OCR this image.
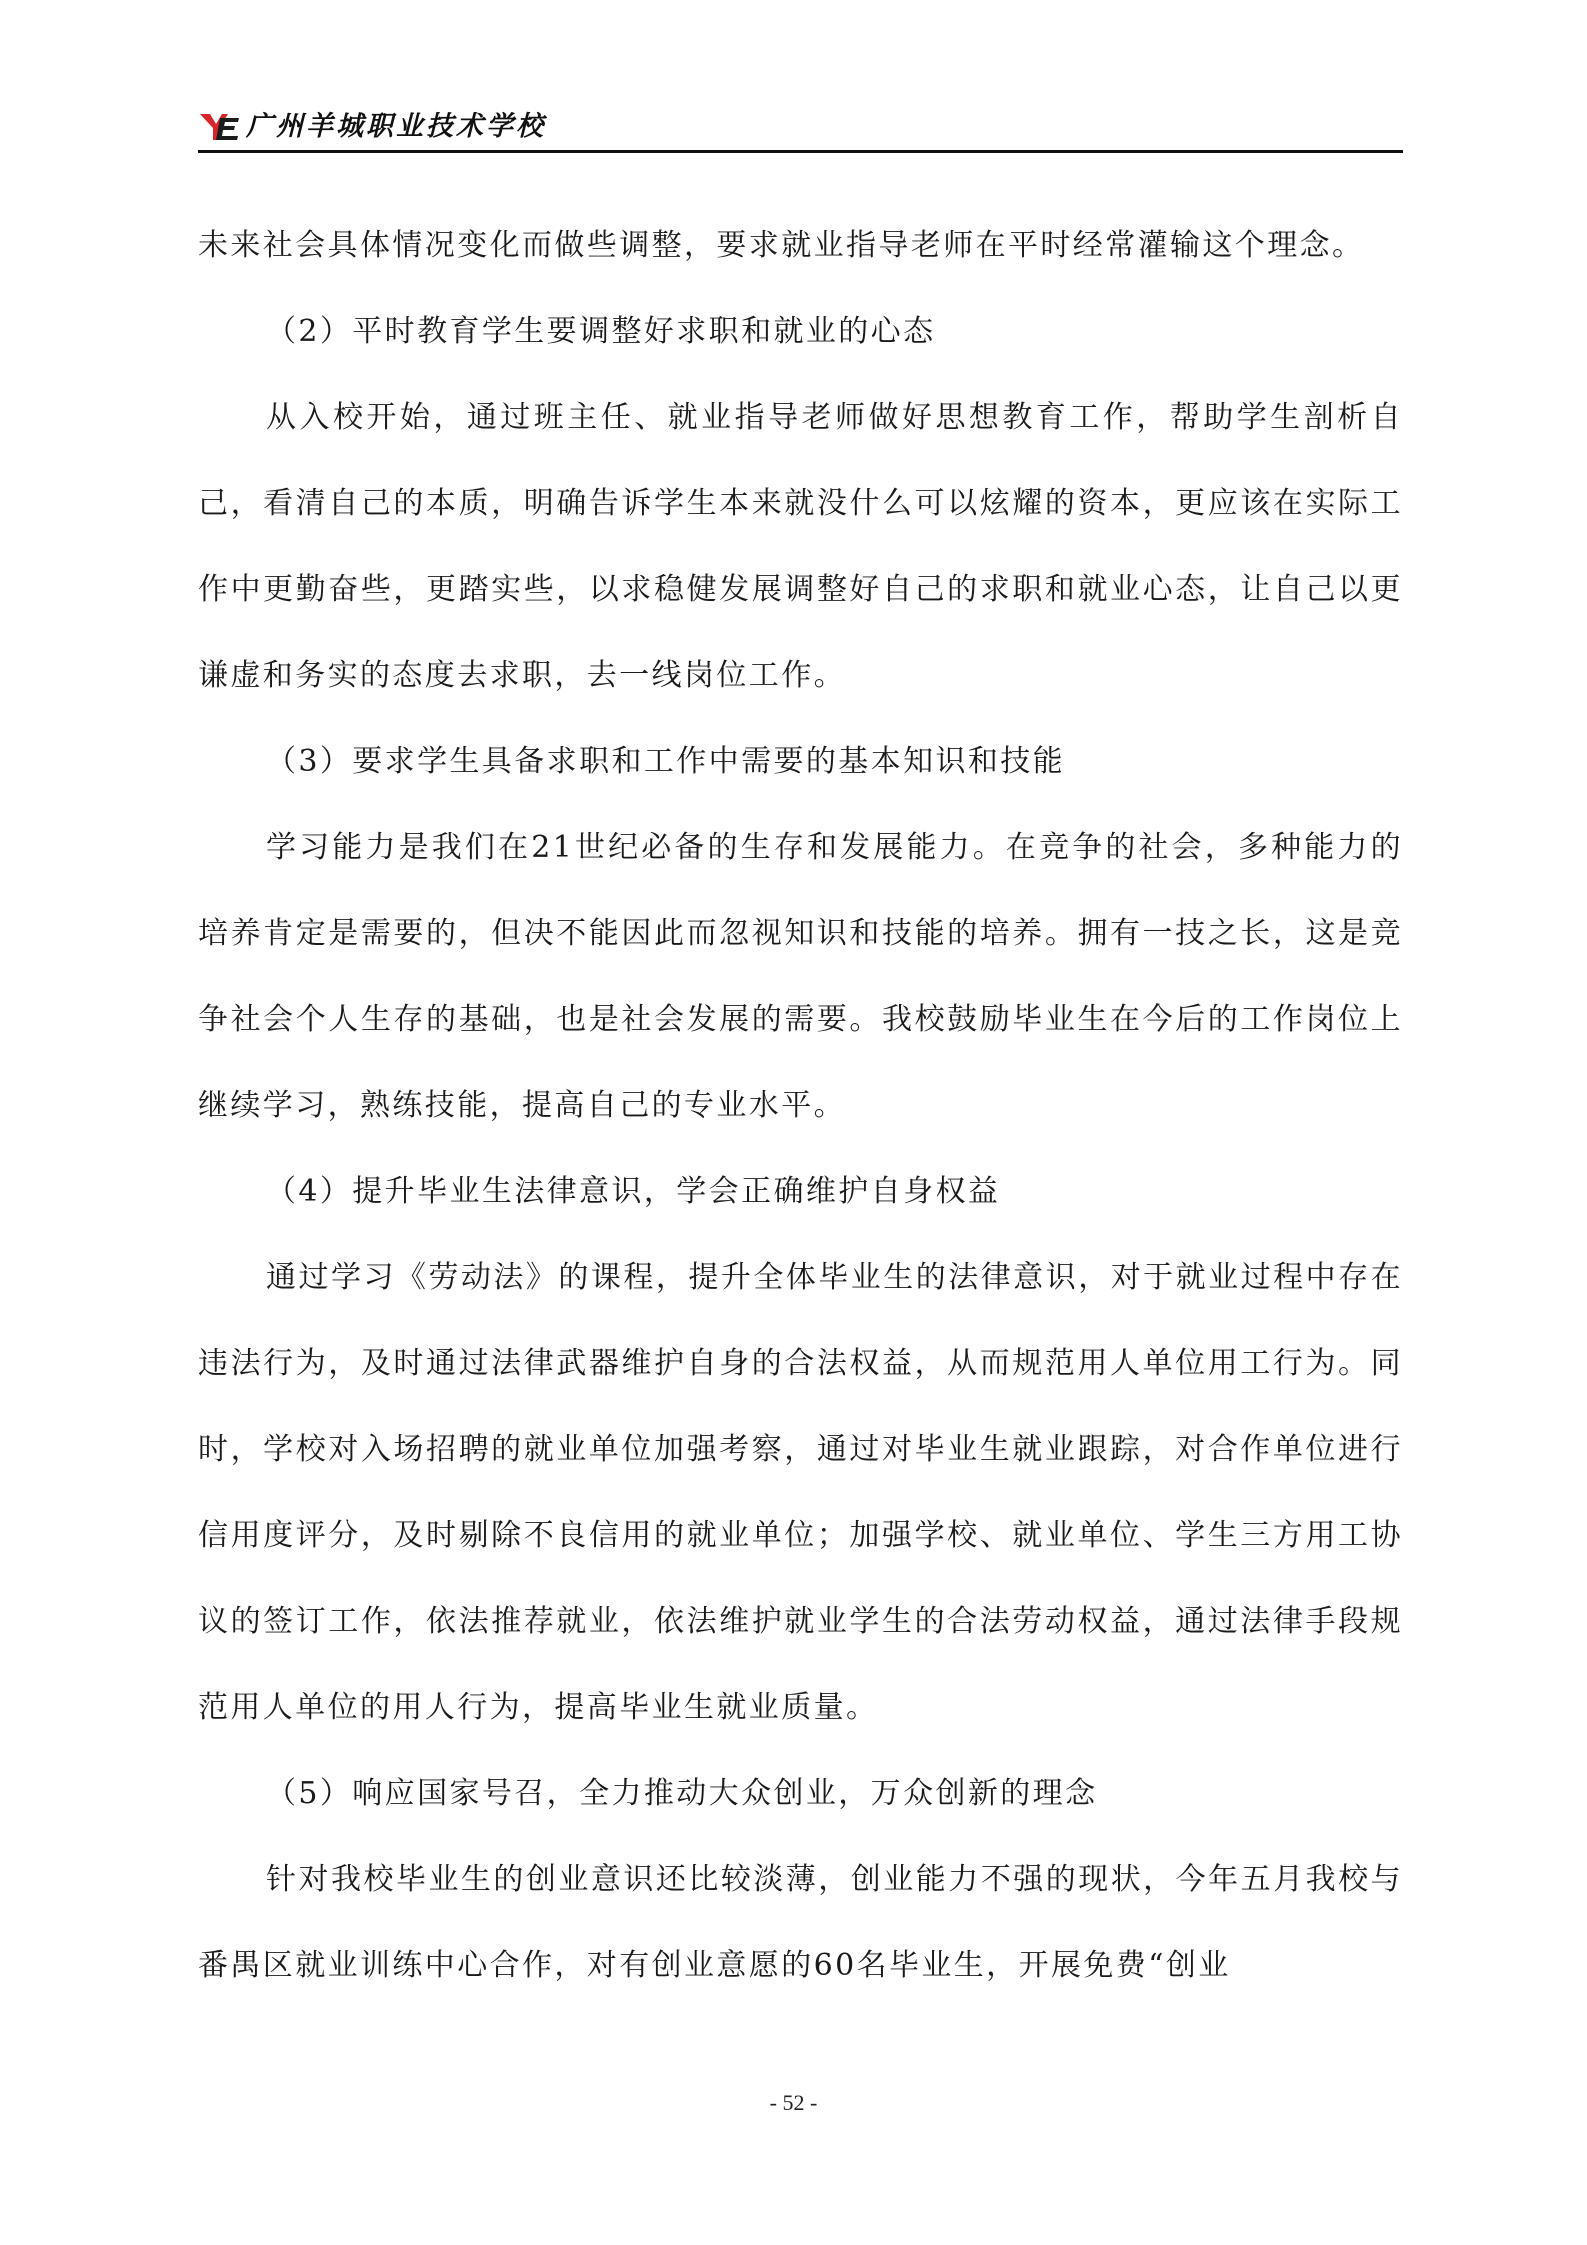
广州羊城职业技术学校

未来社会具体情况变化而做些调整，要求就业指导老师在平时经常灌输这个理念。

（2）平时教育学生要调整好求职和就业的心态

从入校开始，通过班主任、就业指导老师做好思想教育工作，帮助学生剖析自己，看清自己的本质，明确告诉学生本来就没什么可以炫耀的资本，更应该在实际工作中更勤奋些，更踏实些，以求稳健发展调整好自己的求职和就业心态，让自己以更谦虚和务实的态度去求职，去一线岗位工作。

（3）要求学生具备求职和工作中需要的基本知识和技能

学习能力是我们在21世纪必备的生存和发展能力。在竞争的社会，多种能力的培养肯定是需要的，但决不能因此而忽视知识和技能的培养。拥有一技之长，这是竞争社会个人生存的基础，也是社会发展的需要。我校鼓励毕业生在今后的工作岗位上继续学习，熟练技能，提高自己的专业水平。

（4）提升毕业生法律意识，学会正确维护自身权益

通过学习《劳动法》的课程，提升全体毕业生的法律意识，对于就业过程中存在违法行为，及时通过法律武器维护自身的合法权益，从而规范用人单位用工行为。同时，学校对入场招聘的就业单位加强考察，通过对毕业生就业跟踪，对合作单位进行信用度评分，及时剔除不良信用的就业单位；加强学校、就业单位、学生三方用工协议的签订工作，依法推荐就业，依法维护就业学生的合法劳动权益，通过法律手段规范用人单位的用人行为，提高毕业生就业质量。

（5）响应国家号召，全力推动大众创业，万众创新的理念

针对我校毕业生的创业意识还比较淡薄，创业能力不强的现状，今年五月我校与番禺区就业训练中心合作，对有创业意愿的60名毕业生，开展免费“创业

- 52 -
